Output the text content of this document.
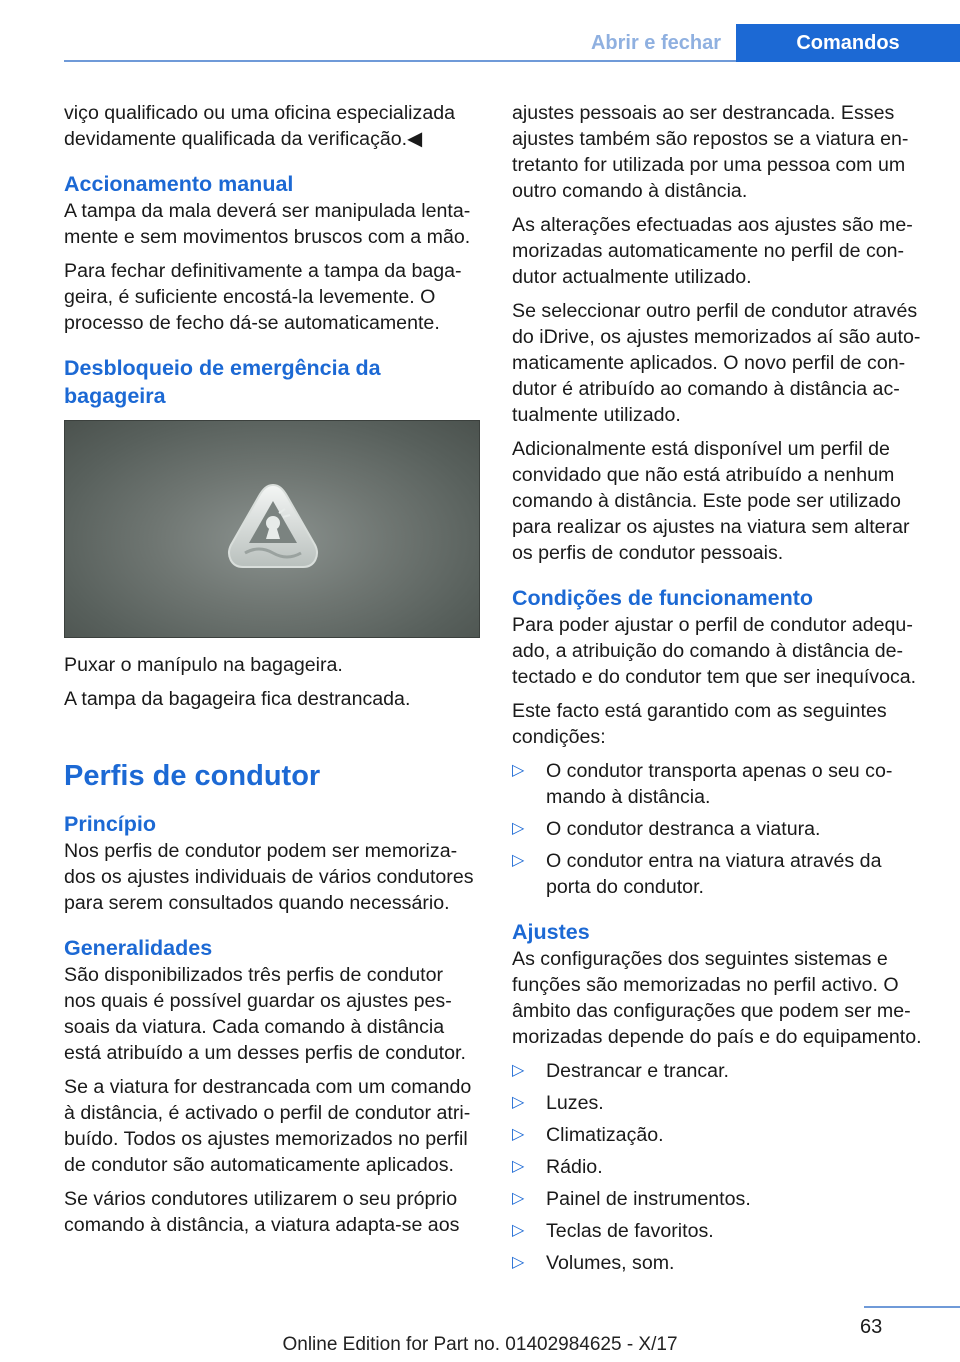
Abrir e fechar	Comandos

viço qualificado ou uma oficina especializada devidamente qualificada da verificação.◀

Accionamento manual

A tampa da mala deverá ser manipulada lenta‐mente e sem movimentos bruscos com a mão.

Para fechar definitivamente a tampa da baga‐geira, é suficiente encostá-la levemente. O processo de fecho dá-se automaticamente.

Desbloqueio de emergência da bagageira

Puxar o manípulo na bagageira.

A tampa da bagageira fica destrancada.

Perfis de condutor
Princípio

Nos perfis de condutor podem ser memoriza‐dos os ajustes individuais de vários condutores para serem consultados quando necessário.

Generalidades

São disponibilizados três perfis de condutor nos quais é possível guardar os ajustes pes‐soais da viatura. Cada comando à distância está atribuído a um desses perfis de condutor.

Se a viatura for destrancada com um comando à distância, é activado o perfil de condutor atri‐buído. Todos os ajustes memorizados no perfil de condutor são automaticamente aplicados.

Se vários condutores utilizarem o seu próprio comando à distância, a viatura adapta-se aos

ajustes pessoais ao ser destrancada. Esses ajustes também são repostos se a viatura en‐tretanto for utilizada por uma pessoa com um outro comando à distância.

As alterações efectuadas aos ajustes são me‐morizadas automaticamente no perfil de con‐dutor actualmente utilizado.

Se seleccionar outro perfil de condutor através do iDrive, os ajustes memorizados aí são auto‐maticamente aplicados. O novo perfil de con‐dutor é atribuído ao comando à distância ac‐tualmente utilizado.

Adicionalmente está disponível um perfil de convidado que não está atribuído a nenhum comando à distância. Este pode ser utilizado para realizar os ajustes na viatura sem alterar os perfis de condutor pessoais.

Condições de funcionamento

Para poder ajustar o perfil de condutor adequ‐ado, a atribuição do comando à distância de‐tectado e do condutor tem que ser inequívoca.

Este facto está garantido com as seguintes condições:

▷ O condutor transporta apenas o seu co‐mando à distância.
▷ O condutor destranca a viatura.
▷ O condutor entra na viatura através da porta do condutor.
Ajustes

As configurações dos seguintes sistemas e funções são memorizadas no perfil activo. O âmbito das configurações que podem ser me‐morizadas depende do país e do equipamento.

▷ Destrancar e trancar.
▷ Luzes.
▷ Climatização.
▷ Rádio.
▷ Painel de instrumentos.
▷ Teclas de favoritos.
▷ Volumes, som.
63
Online Edition for Part no. 01402984625 - X/17
